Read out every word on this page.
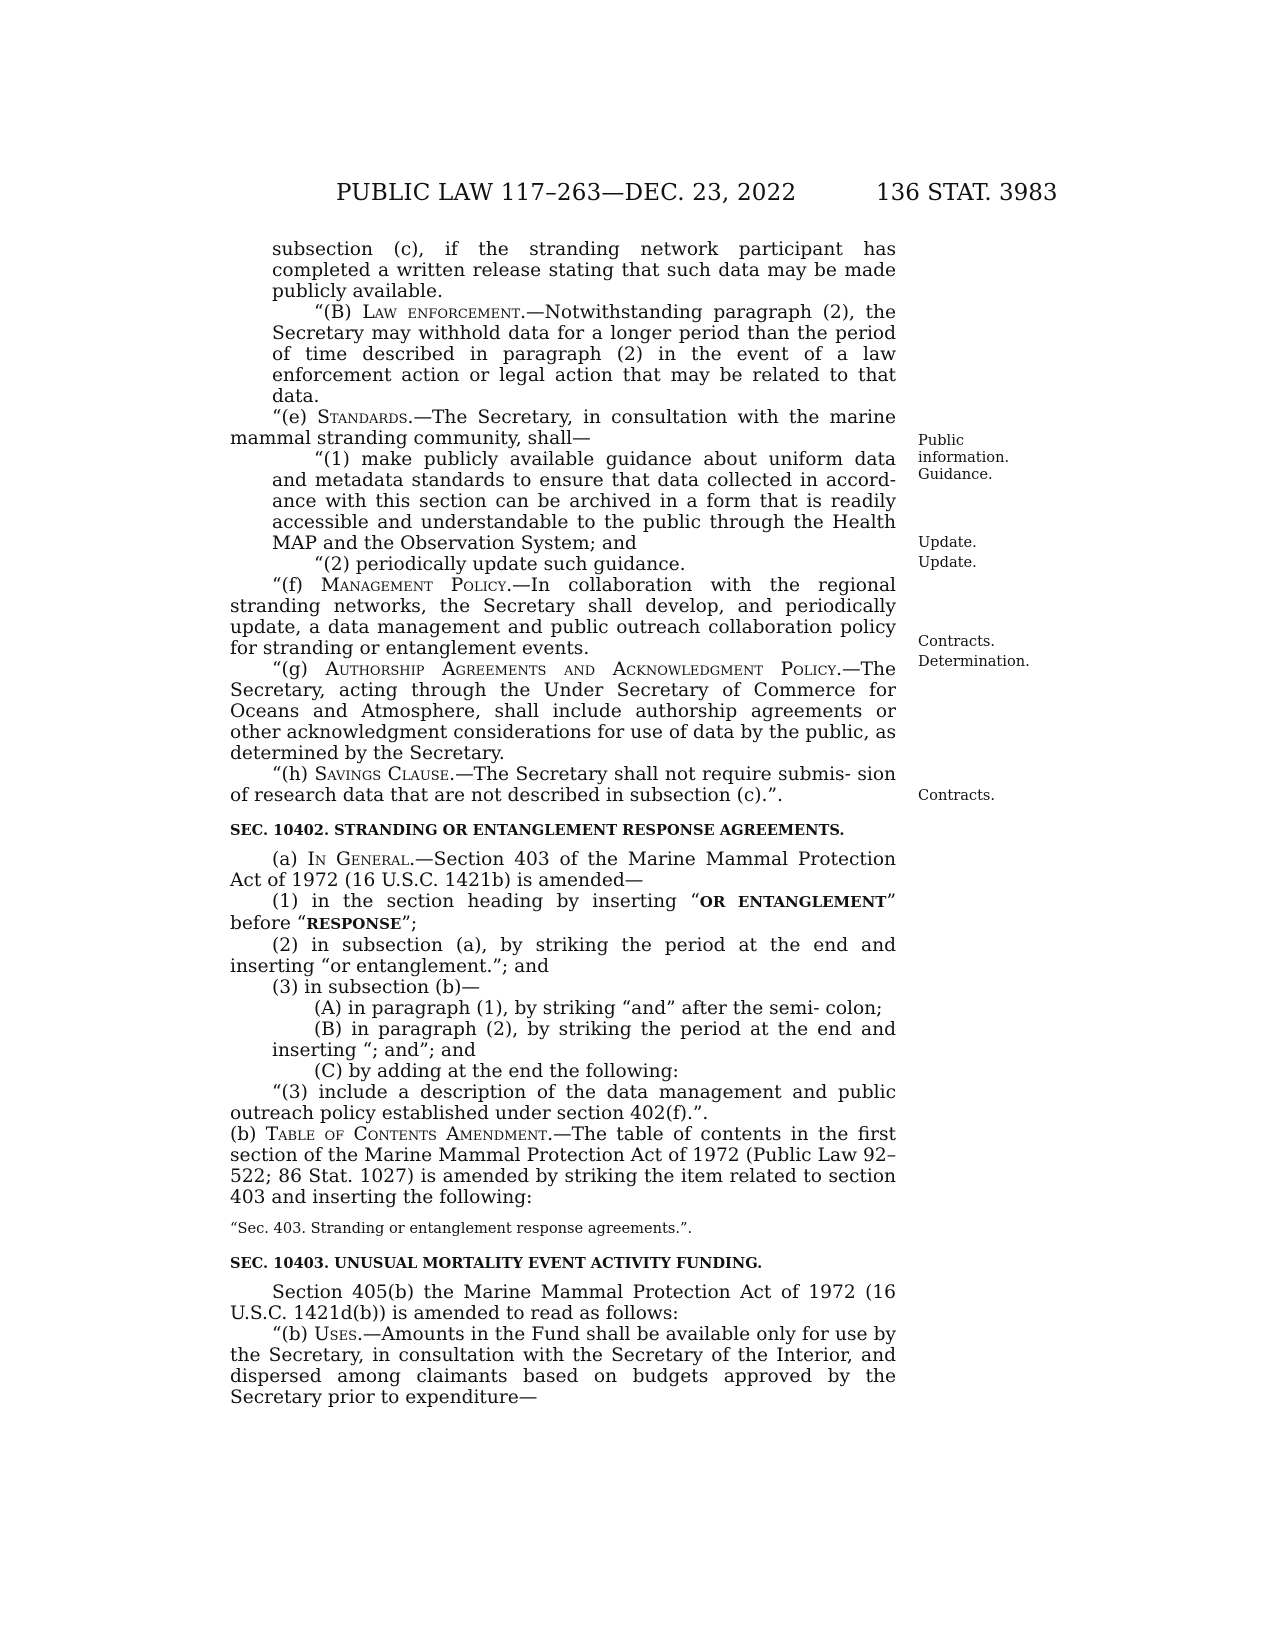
PUBLIC LAW 117–263—DEC. 23, 2022	136 STAT. 3983

subsection (c), if the stranding network participant has completed a written release stating that such data may be made publicly available.

“(B) Law enforcement.—Notwithstanding paragraph (2), the Secretary may withhold data for a longer period than the period of time described in paragraph (2) in the event of a law enforcement action or legal action that may be related to that data.

“(e) Standards.—The Secretary, in consultation with the marine mammal stranding community, shall—

“(1) make publicly available guidance about uniform data and metadata standards to ensure that data collected in accord- ance with this section can be archived in a form that is readily accessible and understandable to the public through the Health MAP and the Observation System; and

“(2) periodically update such guidance.

“(f) Management Policy.—In collaboration with the regional stranding networks, the Secretary shall develop, and periodically update, a data management and public outreach collaboration policy for stranding or entanglement events.

“(g) Authorship Agreements and Acknowledgment Policy.—The Secretary, acting through the Under Secretary of Commerce for Oceans and Atmosphere, shall include authorship agreements or other acknowledgment considerations for use of data by the public, as determined by the Secretary.

“(h) Savings Clause.—The Secretary shall not require submis- sion of research data that are not described in subsection (c).”.

SEC. 10402. STRANDING OR ENTANGLEMENT RESPONSE AGREEMENTS.

(a) In General.—Section 403 of the Marine Mammal Protection Act of 1972 (16 U.S.C. 1421b) is amended—

(1) in the section heading by inserting “OR ENTANGLEMENT” before “RESPONSE”;

(2) in subsection (a), by striking the period at the end and inserting “or entanglement.”; and

(3) in subsection (b)—

(A) in paragraph (1), by striking “and” after the semi- colon;

(B) in paragraph (2), by striking the period at the end and inserting “; and”; and

(C) by adding at the end the following:

“(3) include a description of the data management and public outreach policy established under section 402(f).”.

(b) Table of Contents Amendment.—The table of contents in the first section of the Marine Mammal Protection Act of 1972 (Public Law 92–522; 86 Stat. 1027) is amended by striking the item related to section 403 and inserting the following:

“Sec. 403. Stranding or entanglement response agreements.”.

SEC. 10403. UNUSUAL MORTALITY EVENT ACTIVITY FUNDING.

Section 405(b) the Marine Mammal Protection Act of 1972 (16 U.S.C. 1421d(b)) is amended to read as follows:

“(b) Uses.—Amounts in the Fund shall be available only for use by the Secretary, in consultation with the Secretary of the Interior, and dispersed among claimants based on budgets approved by the Secretary prior to expenditure—

Public
information.
Guidance.
Update.
Update.
Contracts.
Determination.
Contracts.
